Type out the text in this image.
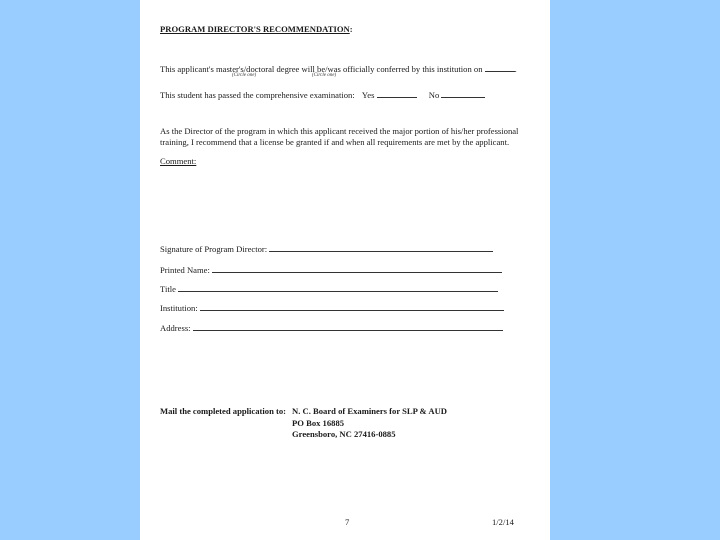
PROGRAM DIRECTOR'S RECOMMENDATION:
This applicant's master's/doctoral degree will be/was officially conferred by this institution on	.
(Circle one)	(Circle one)
This student has passed the comprehensive examination: Yes	No
As the Director of the program in which this applicant received the major portion of his/her professional training, I recommend that a license be granted if and when all requirements are met by the applicant.
Comment:
Signature of Program Director:
Printed Name:
Title
Institution:
Address:
Mail the completed application to: N. C. Board of Examiners for SLP & AUD
PO Box 16885
Greensboro, NC 27416-0885
7	1/2/14
